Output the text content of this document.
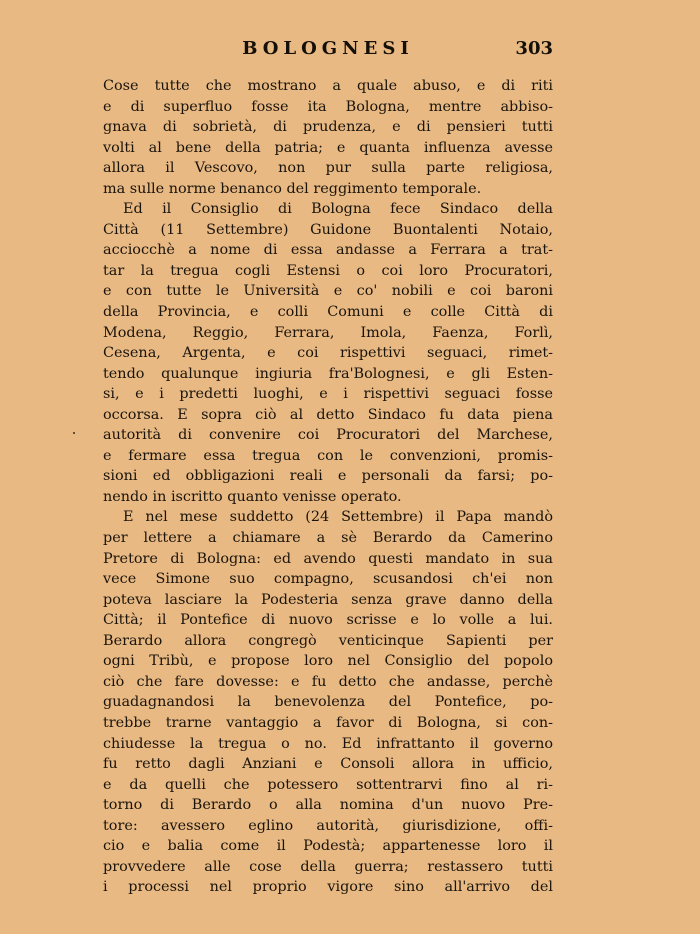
BOLOGNESI	303
Cose tutte che mostrano a quale abuso, e di riti
e di superfluo fosse ita Bologna, mentre abbiso-
gnava di sobrietà, di prudenza, e di pensieri tutti
volti al bene della patria; e quanta influenza avesse
allora il Vescovo, non pur sulla parte religiosa,
ma sulle norme benanco del reggimento temporale.
Ed il Consiglio di Bologna fece Sindaco della
Città (11 Settembre) Guidone Buontalenti Notaio,
acciocchè a nome di essa andasse a Ferrara a trat-
tar la tregua cogli Estensi o coi loro Procuratori,
e con tutte le Università e co' nobili e coi baroni
della Provincia, e colli Comuni e colle Città di
Modena, Reggio, Ferrara, Imola, Faenza, Forlì,
Cesena, Argenta, e coi rispettivi seguaci, rimet-
tendo qualunque ingiuria fra'Bolognesi, e gli Esten-
si, e i predetti luoghi, e i rispettivi seguaci fosse
occorsa. E sopra ciò al detto Sindaco fu data piena
autorità di convenire coi Procuratori del Marchese,
e fermare essa tregua con le convenzioni, promis-
sioni ed obbligazioni reali e personali da farsi; po-
nendo in iscritto quanto venisse operato.
E nel mese suddetto (24 Settembre) il Papa mandò
per lettere a chiamare a sè Berardo da Camerino
Pretore di Bologna: ed avendo questi mandato in sua
vece Simone suo compagno, scusandosi ch'ei non
poteva lasciare la Podesteria senza grave danno della
Città; il Pontefice di nuovo scrisse e lo volle a lui.
Berardo allora congregò venticinque Sapienti per
ogni Tribù, e propose loro nel Consiglio del popolo
ciò che fare dovesse: e fu detto che andasse, perchè
guadagnandosi la benevolenza del Pontefice, po-
trebbe trarne vantaggio a favor di Bologna, si con-
chiudesse la tregua o no. Ed infrattanto il governo
fu retto dagli Anziani e Consoli allora in ufficio,
e da quelli che potessero sottentrarvi fino al ri-
torno di Berardo o alla nomina d'un nuovo Pre-
tore: avessero eglino autorità, giurisdizione, offi-
cio e balia come il Podestà; appartenesse loro il
provvedere alle cose della guerra; restassero tutti
i processi nel proprio vigore sino all'arrivo del
